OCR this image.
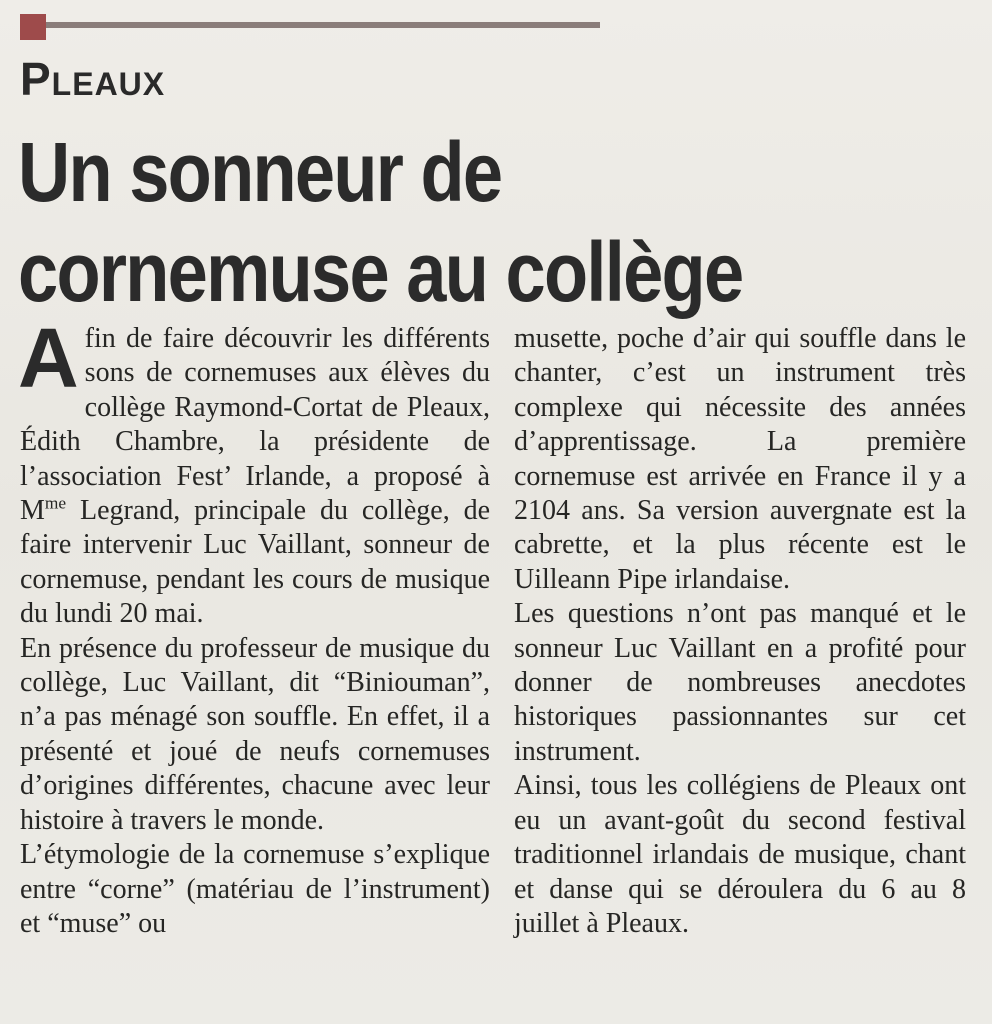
Pleaux
Un sonneur de
cornemuse au collège

Afin de faire découvrir les différents sons de cornemuses aux élèves du collège Raymond-Cortat de Pleaux, Édith Chambre, la présidente de l’association Fest’ Irlande, a proposé à $M^{me}$ Legrand, principale du collège, de faire intervenir Luc Vaillant, sonneur de cornemuse, pendant les cours de musique du lundi 20 mai.

En présence du professeur de musique du collège, Luc Vaillant, dit “Biniouman”, n’a pas ménagé son souffle. En effet, il a présenté et joué de neufs cornemuses d’origines différentes, chacune avec leur histoire à travers le monde.

L’étymologie de la cornemuse s’explique entre “corne” (matériau de l’instrument) et “muse” ou

musette, poche d’air qui souffle dans le chanter, c’est un instrument très complexe qui nécessite des années d’apprentissage. La première cornemuse est arrivée en France il y a 2104 ans. Sa version auvergnate est la cabrette, et la plus récente est le Uilleann Pipe irlandaise.

Les questions n’ont pas manqué et le sonneur Luc Vaillant en a profité pour donner de nombreuses anecdotes historiques passionnantes sur cet instrument.

Ainsi, tous les collégiens de Pleaux ont eu un avant-goût du second festival traditionnel irlandais de musique, chant et danse qui se déroulera du 6 au 8 juillet à Pleaux.
